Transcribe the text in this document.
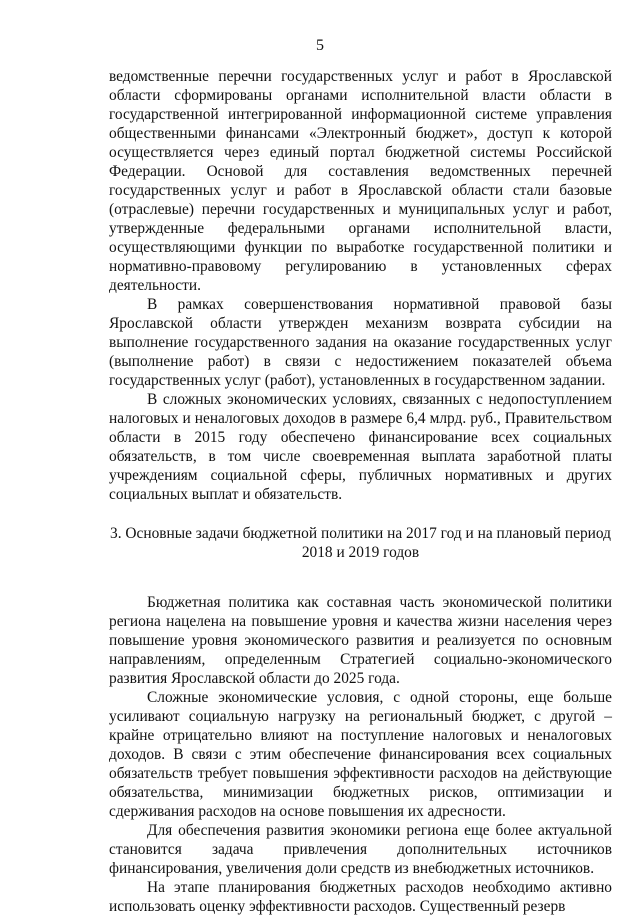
5

ведомственные перечни государственных услуг и работ в Ярославской области сформированы органами исполнительной власти области в государственной интегрированной информационной системе управления общественными финансами «Электронный бюджет», доступ к которой осуществляется через единый портал бюджетной системы Российской Федерации. Основой для составления ведомственных перечней государственных услуг и работ в Ярославской области стали базовые (отраслевые) перечни государственных и муниципальных услуг и работ, утвержденные федеральными органами исполнительной власти, осуществляющими функции по выработке государственной политики и нормативно-правовому регулированию в установленных сферах деятельности.

В рамках совершенствования нормативной правовой базы Ярославской области утвержден механизм возврата субсидии на выполнение государственного задания на оказание государственных услуг (выполнение работ) в связи с недостижением показателей объема государственных услуг (работ), установленных в государственном задании.

В сложных экономических условиях, связанных с недопоступлением налоговых и неналоговых доходов в размере 6,4 млрд. руб., Правительством области в 2015 году обеспечено финансирование всех социальных обязательств, в том числе своевременная выплата заработной платы учреждениям социальной сферы, публичных нормативных и других социальных выплат и обязательств.

3. Основные задачи бюджетной политики на 2017 год и на плановый период
2018 и 2019 годов

Бюджетная политика как составная часть экономической политики региона нацелена на повышение уровня и качества жизни населения через повышение уровня экономического развития и реализуется по основным направлениям, определенным Стратегией социально-экономического развития Ярославской области до 2025 года.

Сложные экономические условия, с одной стороны, еще больше усиливают социальную нагрузку на региональный бюджет, с другой – крайне отрицательно влияют на поступление налоговых и неналоговых доходов. В связи с этим обеспечение финансирования всех социальных обязательств требует повышения эффективности расходов на действующие обязательства, минимизации бюджетных рисков, оптимизации и сдерживания расходов на основе повышения их адресности.

Для обеспечения развития экономики региона еще более актуальной становится задача привлечения дополнительных источников финансирования, увеличения доли средств из внебюджетных источников.

На этапе планирования бюджетных расходов необходимо активно использовать оценку эффективности расходов. Существенный резерв
